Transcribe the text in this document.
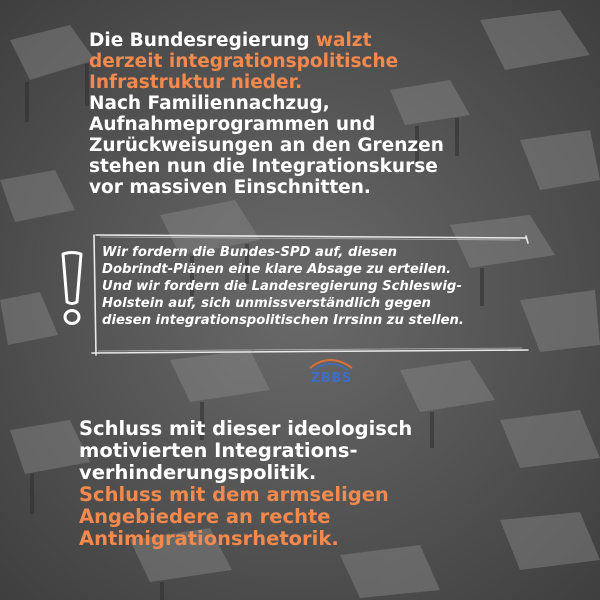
Die Bundesregierung walzt
derzeit integrationspolitische
Infrastruktur nieder.
Nach Familiennachzug,
Aufnahmeprogrammen und
Zurückweisungen an den Grenzen
stehen nun die Integrationskurse
vor massiven Einschnitten.

Wir fordern die Bundes-SPD auf, diesen
Dobrindt-Plänen eine klare Absage zu erteilen.
Und wir fordern die Landesregierung Schleswig-
Holstein auf, sich unmissverständlich gegen
diesen integrationspolitischen Irrsinn zu stellen.

ZBBS

Schluss mit dieser ideologisch
motivierten Integrations-
verhinderungspolitik.
Schluss mit dem armseligen
Angebiedere an rechte
Antimigrationsrhetorik.
